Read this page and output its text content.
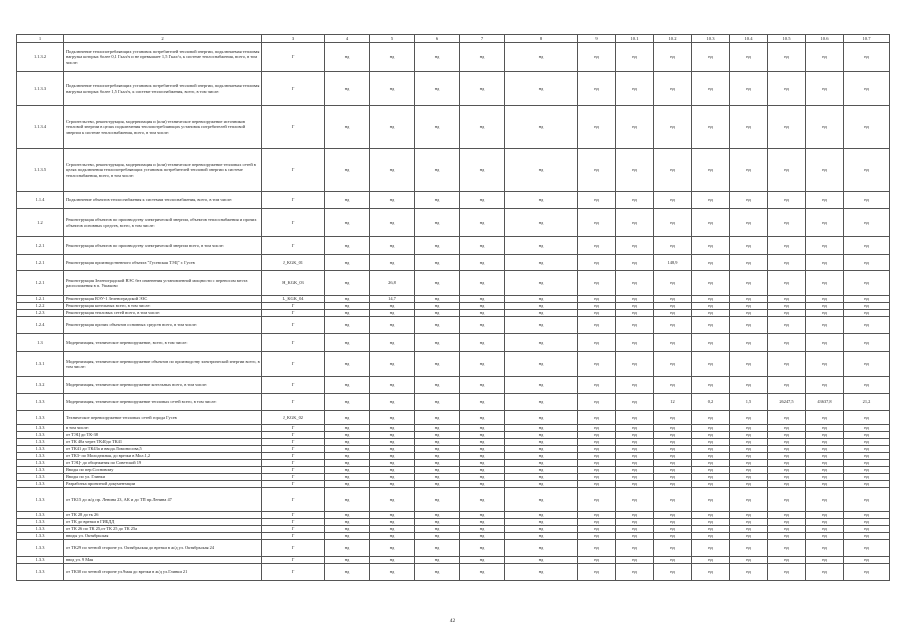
1	2	3	4	5	6	7	8	9	10.1	10.2	10.3	10.4	10.5	10.6	10.7
1.1.3.2	Подключение теплопотребляющих установок потребителей тепловой энергии, подключаемая тепловая нагрузка которых более 0,1 Гкал/ч и не превышает 1,5 Гкал/ч, к системе теплоснабжения, всего, в том числе:	Г	нд	нд	нд	нд	нд	нд	нд	нд	нд	нд	нд	нд	нд
1.1.3.3	Подключение теплопотребляющих установок потребителей тепловой энергии, подключаемая тепловая нагрузка которых более 1,5 Гкал/ч, к системе теплоснабжения, всего, в том числе:	Г	нд	нд	нд	нд	нд	нд	нд	нд	нд	нд	нд	нд	нд
1.1.3.4	Строительство, реконструкция, модернизация и (или) техническое перевооружение источников тепловой энергии в целях подключения теплопотребляющих установок потребителей тепловой энергии к системе теплоснабжения, всего, в том числе:	Г	нд	нд	нд	нд	нд	нд	нд	нд	нд	нд	нд	нд	нд
1.1.3.5	Строительство, реконструкция, модернизация и (или) техническое перевооружение тепловых сетей в целях подключения теплопотребляющих установок потребителей тепловой энергии к системе теплоснабжения, всего, в том числе:	Г	нд	нд	нд	нд	нд	нд	нд	нд	нд	нд	нд	нд	нд
1.1.4	Подключение объектов теплоснабжения к системам теплоснабжения, всего, в том числе:	Г	нд	нд	нд	нд	нд	нд	нд	нд	нд	нд	нд	нд	нд
1.2	Реконструкция объектов по производству электрической энергии, объектов теплоснабжения и прочих объектов основных средств, всего, в том числе:	Г	нд	нд	нд	нд	нд	нд	нд	нд	нд	нд	нд	нд	нд
1.2.1	Реконструкция объектов по производству электрической энергии всего, в том числе:	Г	нд	нд	нд	нд	нд	нд	нд	нд	нд	нд	нд	нд	нд
1.2.1	Реконструкция производственного объекта "Гусевская ТЭЦ" г. Гусев	J_KGK_01	нд	нд	нд	нд	нд	нд	нд	148,9	нд	нд	нд	нд	нд
1.2.1	Реконструкция Зеленоградской ВЭС без изменения установленной мощности с переносом места расположения в п. Ушаково	H_KGK_03	нд	26,8	нд	нд	нд	нд	нд	нд	нд	нд	нд	нд	нд
1.2.1	Реконструкция ВЭУ-1 Зеленоградской ЭЗС	L_KGK_04	нд	14,7	нд	нд	нд	нд	нд	нд	нд	нд	нд	нд	нд
1.2.2	Реконструкция котельных всего, в том числе:	Г	нд	нд	нд	нд	нд	нд	нд	нд	нд	нд	нд	нд	нд
1.2.3	Реконструкция тепловых сетей всего, в том числе:	Г	нд	нд	нд	нд	нд	нд	нд	нд	нд	нд	нд	нд	нд
1.2.4	Реконструкция прочих объектов основных средств всего, в том числе:	Г	нд	нд	нд	нд	нд	нд	нд	нд	нд	нд	нд	нд	нд
1.3	Модернизация, техническое перевооружение, всего, в том числе:	Г	нд	нд	нд	нд	нд	нд	нд	нд	нд	нд	нд	нд	нд
1.3.1	Модернизация, техническое перевооружение объектов по производству электрической энергии всего, в том числе:	Г	нд	нд	нд	нд	нд	нд	нд	нд	нд	нд	нд	нд	нд
1.3.2	Модернизация, техническое перевооружение котельных всего, в том числе:	Г	нд	нд	нд	нд	нд	нд	нд	нд	нд	нд	нд	нд	нд
1.3.3	Модернизация, техническое перевооружение тепловых сетей всего, в том числе:	Г	нд	нд	нд	нд	нд	нд	нд	12	0,2	1,5	26247,5	43637,8	21,2
1.3.3	Техническое перевооружение тепловых сетей города Гусев	J_KGK_02	нд	нд	нд	нд	нд	нд	нд	нд	нд	нд	нд	нд	нд
1.3.3	в том числе:	Г	нд	нд	нд	нд	нд	нд	нд	нд	нд	нд	нд	нд	нд
1.3.3	от ТЭЦ до ТК-38	Г	нд	нд	нд	нд	нд	нд	нд	нд	нд	нд	нд	нд	нд
1.3.3	от ТК 40а через ТК40до ТК41	Г	нд	нд	нд	нд	нд	нд	нд	нд	нд	нд	нд	нд	нд
1.3.3	от ТК41 до ТК43а и ввода Ломоносова,5	Г	нд	нд	нд	нд	нд	нд	нд	нд	нд	нд	нд	нд	нд
1.3.3	от ТК3- по Молодежная, до врезки в Мол.1,2	Г	нд	нд	нд	нд	нд	нд	нд	нд	нд	нд	нд	нд	нд
1.3.3	от ТЭЦ- до общежития по Советской 19	Г	нд	нд	нд	нд	нд	нд	нд	нд	нд	нд	нд	нд	нд
1.3.3	Вводы по пер.Сосновому	Г	нд	нд	нд	нд	нд	нд	нд	нд	нд	нд	нд	нд	нд
1.3.3	Вводы по ул. Глинки	Г	нд	нд	нд	нд	нд	нд	нд	нд	нд	нд	нд	нд	нд
1.3.3	Разработка проектной документации	Г	нд	нд	нд	нд	нд	нд	нд	нд	нд	нд	нд	нд	нд
1.3.3	от ТК15 до ж/д пр. Ленина 23, АК и до ТП пр.Ленина 47	Г	нд	нд	нд	нд	нд	нд	нд	нд	нд	нд	нд	нд	нд
1.3.3	от ТК 28 до тк 26	Г	нд	нд	нд	нд	нд	нд	нд	нд	нд	нд	нд	нд	нд
1.3.3	от ТК до врезки в ГИБДД	Г	нд	нд	нд	нд	нд	нд	нд	нд	нд	нд	нд	нд	нд
1.3.3	от ТК 26 по ТК 25,от ТК 25 до ТК 25а	Г	нд	нд	нд	нд	нд	нд	нд	нд	нд	нд	нд	нд	нд
1.3.3	вводы ул. Октябрьская	Г	нд	нд	нд	нд	нд	нд	нд	нд	нд	нд	нд	нд	нд
1.3.3	от ТК29 по четной стороне ул. Октябрьская до врезки в ж/д ул. Октябрьская 24	Г	нд	нд	нд	нд	нд	нд	нд	нд	нд	нд	нд	нд	нд
1.3.3	ввод ул. 9 Мая	Г	нд	нд	нд	нд	нд	нд	нд	нд	нд	нд	нд	нд	нд
1.3.3	от ТК30 по четной стороне ул.9мая до врезки в ж/д ул.Глинки 21	Г	нд	нд	нд	нд	нд	нд	нд	нд	нд	нд	нд	нд	нд
42
